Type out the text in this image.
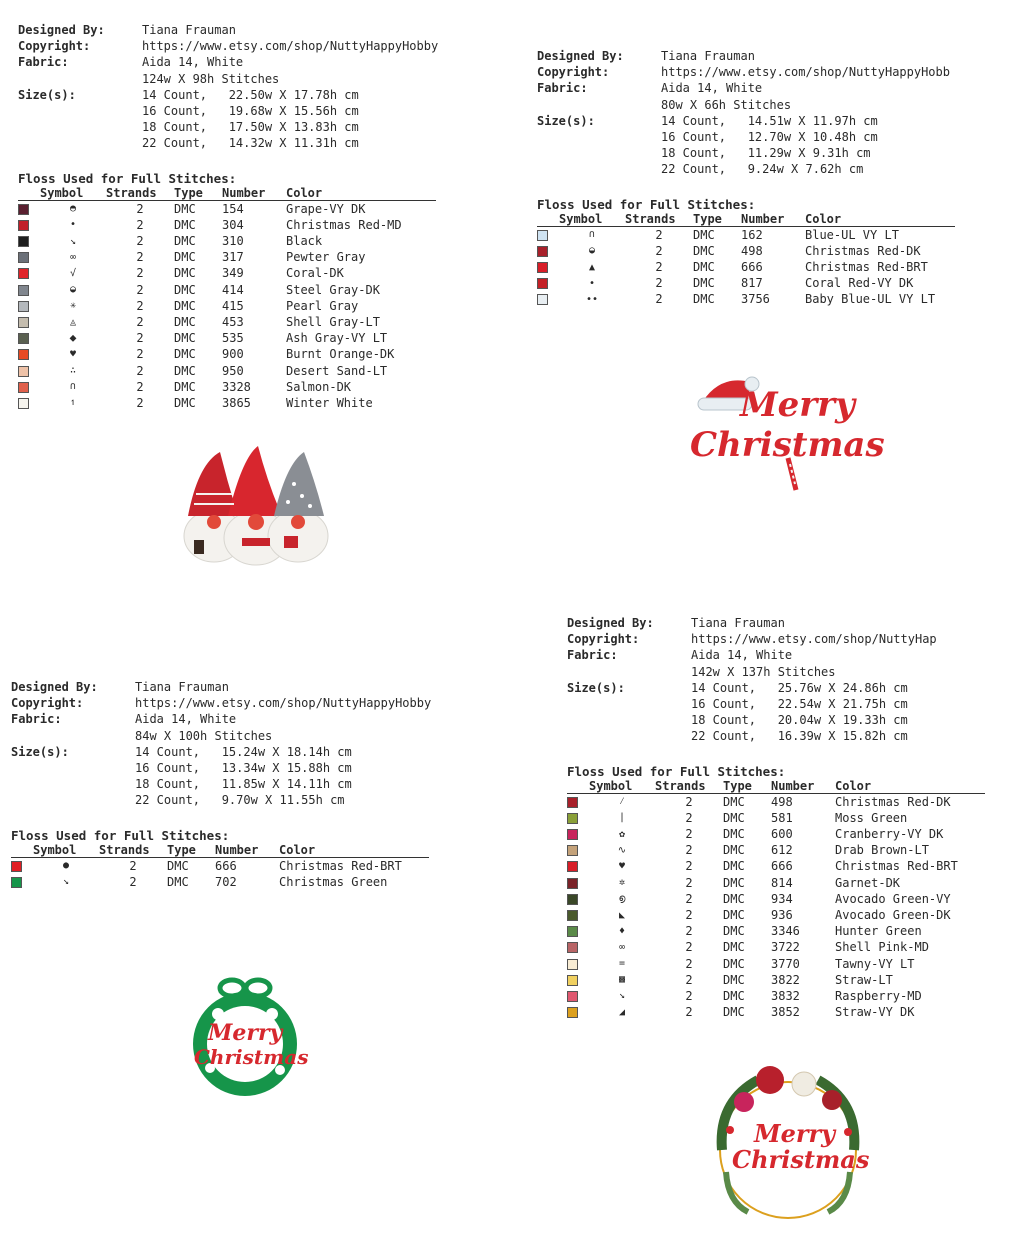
Designed By:	Tiana Frauman
Copyright:	https://www.etsy.com/shop/NuttyHappyHobby
Fabric:	Aida 14, White
124w X 98h Stitches
Size(s):	14 Count,   22.50w X 17.78h cm
16 Count,   19.68w X 15.56h cm
18 Count,   17.50w X 13.83h cm
22 Count,   14.32w X 11.31h cm
Floss Used for Full Stitches:
	Symbol	Strands	Type	Number	Color
	◓	2	DMC	154	Grape-VY DK
	•	2	DMC	304	Christmas Red-MD
	↘	2	DMC	310	Black
	∞	2	DMC	317	Pewter Gray
	√	2	DMC	349	Coral-DK
	◒	2	DMC	414	Steel Gray-DK
	✳	2	DMC	415	Pearl Gray
	◬	2	DMC	453	Shell Gray-LT
	⬥	2	DMC	535	Ash Gray-VY LT
	♥	2	DMC	900	Burnt Orange-DK
	∴	2	DMC	950	Desert Sand-LT
	∩	2	DMC	3328	Salmon-DK
	↿	2	DMC	3865	Winter White
Designed By:	Tiana Frauman
Copyright:	https://www.etsy.com/shop/NuttyHappyHobb
Fabric:	Aida 14, White
80w X 66h Stitches
Size(s):	14 Count,   14.51w X 11.97h cm
16 Count,   12.70w X 10.48h cm
18 Count,   11.29w X 9.31h cm
22 Count,   9.24w X 7.62h cm
Floss Used for Full Stitches:
	Symbol	Strands	Type	Number	Color
	∩	2	DMC	162	Blue-UL VY LT
	◒	2	DMC	498	Christmas Red-DK
	▲	2	DMC	666	Christmas Red-BRT
	•	2	DMC	817	Coral Red-VY DK
	••	2	DMC	3756	Baby Blue-UL VY LT
Designed By:	Tiana Frauman
Copyright:	https://www.etsy.com/shop/NuttyHappyHobby
Fabric:	Aida 14, White
84w X 100h Stitches
Size(s):	14 Count,   15.24w X 18.14h cm
16 Count,   13.34w X 15.88h cm
18 Count,   11.85w X 14.11h cm
22 Count,   9.70w X 11.55h cm
Floss Used for Full Stitches:
	Symbol	Strands	Type	Number	Color
	●	2	DMC	666	Christmas Red-BRT
	↘	2	DMC	702	Christmas Green
Designed By:	Tiana Frauman
Copyright:	https://www.etsy.com/shop/NuttyHap
Fabric:	Aida 14, White
142w X 137h Stitches
Size(s):	14 Count,   25.76w X 24.86h cm
16 Count,   22.54w X 21.75h cm
18 Count,   20.04w X 19.33h cm
22 Count,   16.39w X 15.82h cm
Floss Used for Full Stitches:
	Symbol	Strands	Type	Number	Color
	⁄	2	DMC	498	Christmas Red-DK
	|	2	DMC	581	Moss Green
	✿	2	DMC	600	Cranberry-VY DK
	∿	2	DMC	612	Drab Brown-LT
	♥	2	DMC	666	Christmas Red-BRT
	✲	2	DMC	814	Garnet-DK
	൭	2	DMC	934	Avocado Green-VY
	◣	2	DMC	936	Avocado Green-DK
	♦	2	DMC	3346	Hunter Green
	∞	2	DMC	3722	Shell Pink-MD
	=	2	DMC	3770	Tawny-VY LT
	▩	2	DMC	3822	Straw-LT
	↘	2	DMC	3832	Raspberry-MD
	◢	2	DMC	3852	Straw-VY DK
Merry
Christmas
Merry
Christmas
Merry
Christmas
